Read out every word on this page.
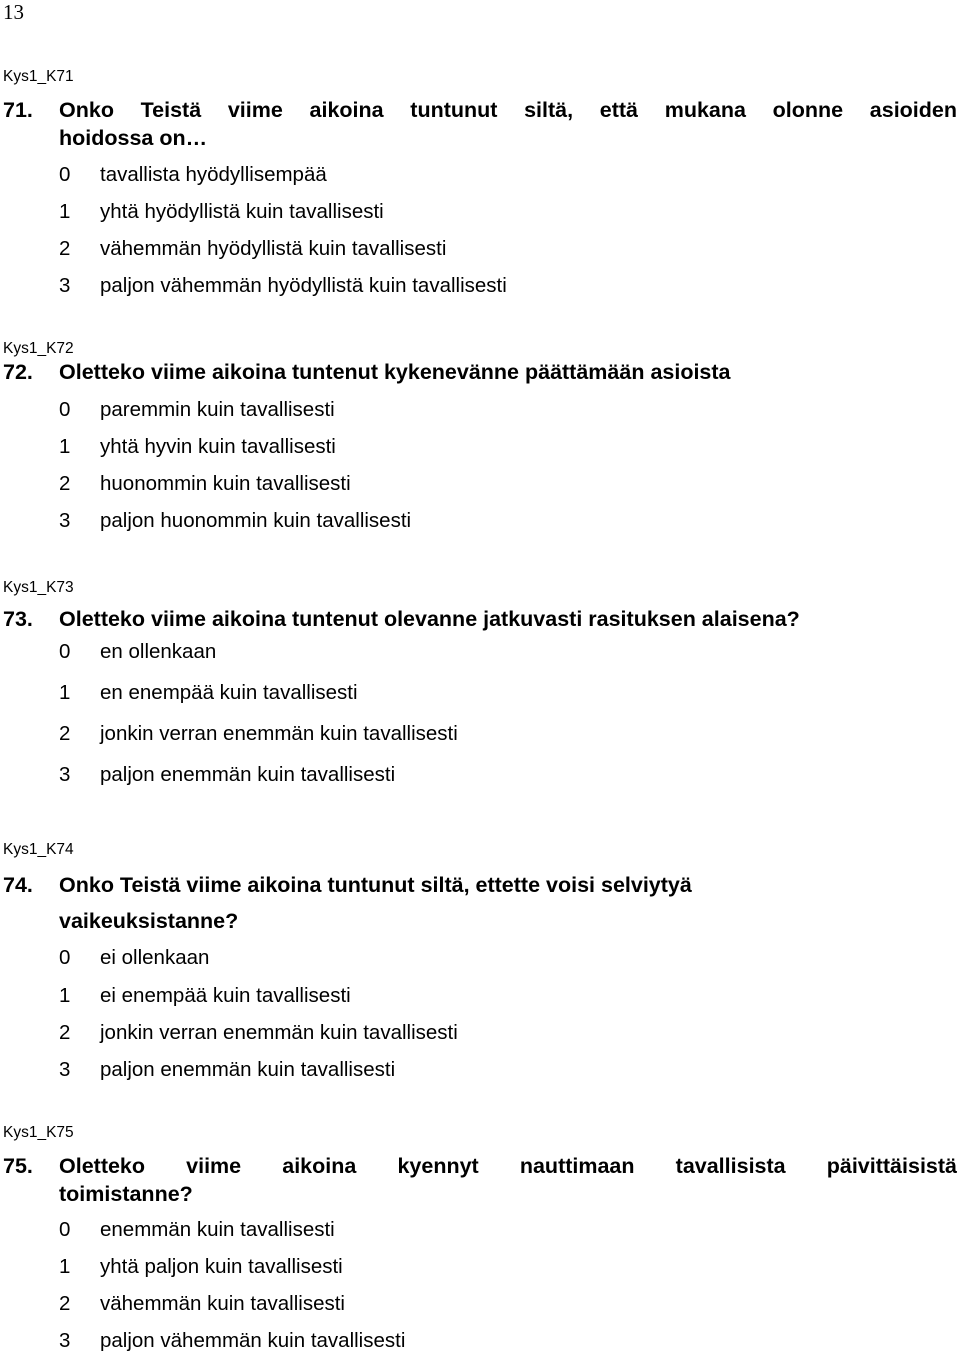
13
Kys1_K71
71. Onko Teistä viime aikoina tuntunut siltä, että mukana olonne asioiden
hoidossa on…
0 tavallista hyödyllisempää
1 yhtä hyödyllistä kuin tavallisesti
2 vähemmän hyödyllistä kuin tavallisesti
3 paljon vähemmän hyödyllistä kuin tavallisesti
Kys1_K72
72. Oletteko viime aikoina tuntenut kykenevänne päättämään asioista
0 paremmin kuin tavallisesti
1 yhtä hyvin kuin tavallisesti
2 huonommin kuin tavallisesti
3 paljon huonommin kuin tavallisesti
Kys1_K73
73. Oletteko viime aikoina tuntenut olevanne jatkuvasti rasituksen alaisena?
0 en ollenkaan
1 en enempää kuin tavallisesti
2 jonkin verran enemmän kuin tavallisesti
3 paljon enemmän kuin tavallisesti
Kys1_K74
74. Onko Teistä viime aikoina tuntunut siltä, ettette voisi selviytyä
vaikeuksistanne?
0 ei ollenkaan
1 ei enempää kuin tavallisesti
2 jonkin verran enemmän kuin tavallisesti
3 paljon enemmän kuin tavallisesti
Kys1_K75
75. Oletteko viime aikoina kyennyt nauttimaan tavallisista päivittäisistä
toimistanne?
0 enemmän kuin tavallisesti
1 yhtä paljon kuin tavallisesti
2 vähemmän kuin tavallisesti
3 paljon vähemmän kuin tavallisesti
